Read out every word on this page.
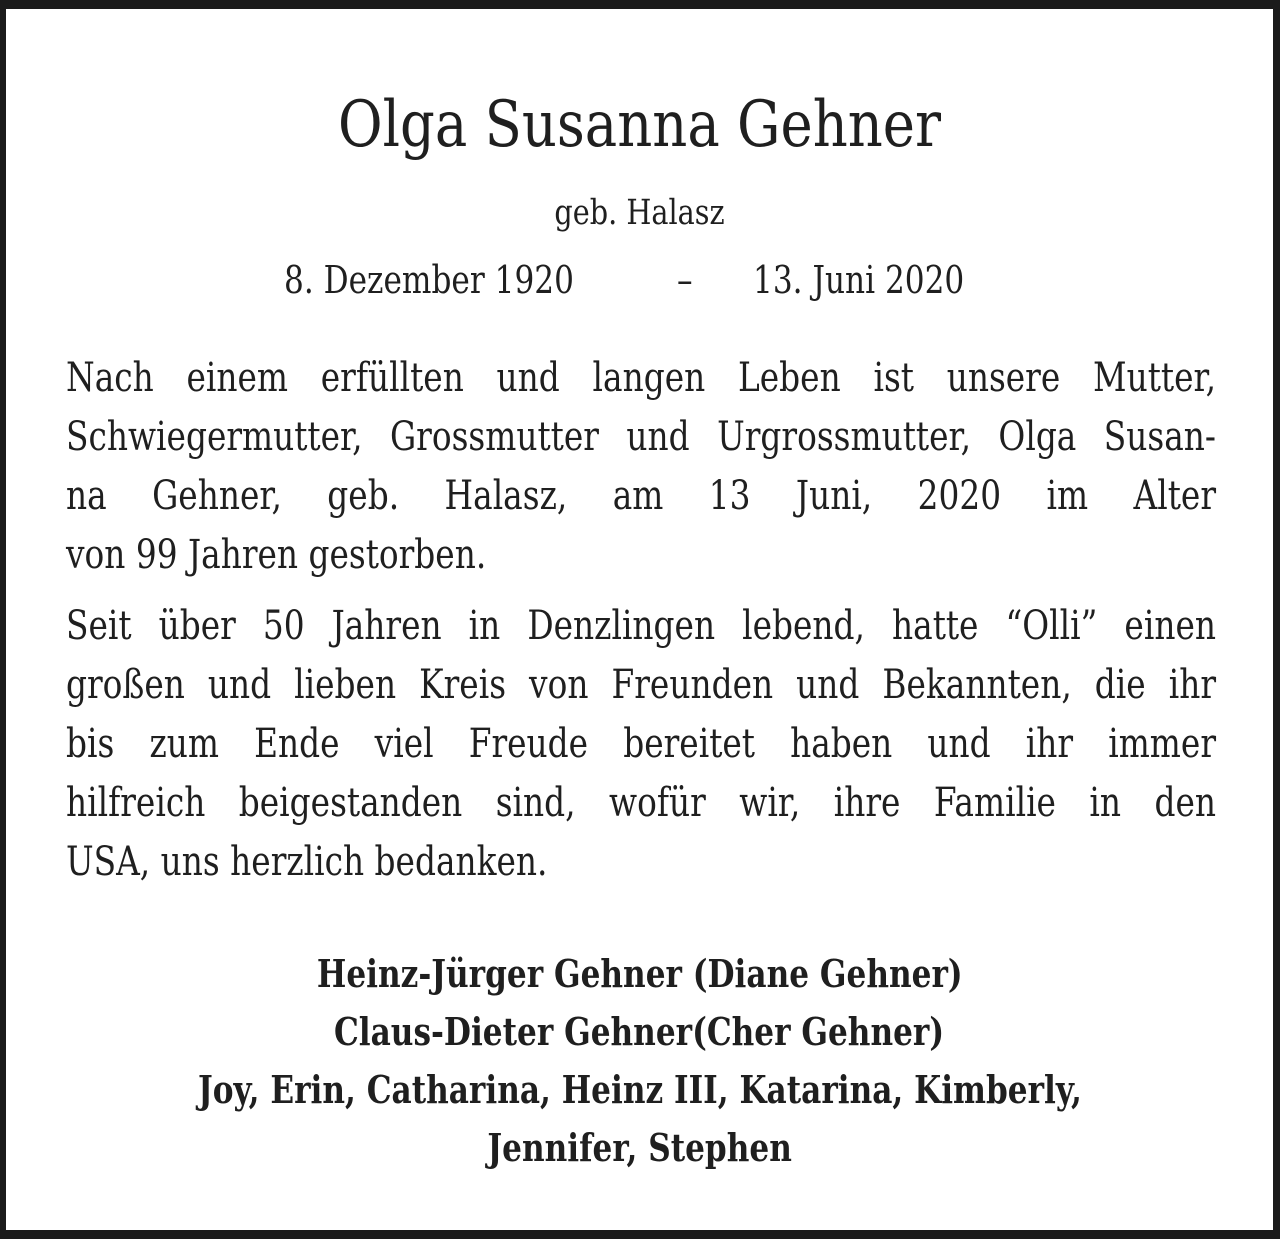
Olga Susanna Gehner
geb. Halasz
8. Dezember 1920	– 13. Juni 2020
Nach einem erfüllten und langen Leben ist unsere Mutter,
Schwiegermutter, Grossmutter und Urgrossmutter, Olga Susan-
na Gehner, geb. Halasz, am 13 Juni, 2020 im Alter
von 99 Jahren gestorben.
Seit über 50 Jahren in Denzlingen lebend, hatte “Olli” einen
großen und lieben Kreis von Freunden und Bekannten, die ihr
bis zum Ende viel Freude bereitet haben und ihr immer
hilfreich beigestanden sind, wofür wir, ihre Familie in den
USA, uns herzlich bedanken.
Heinz-Jürger Gehner (Diane Gehner)
Claus-Dieter Gehner(Cher Gehner)
Joy, Erin, Catharina, Heinz III, Katarina, Kimberly,
Jennifer, Stephen
